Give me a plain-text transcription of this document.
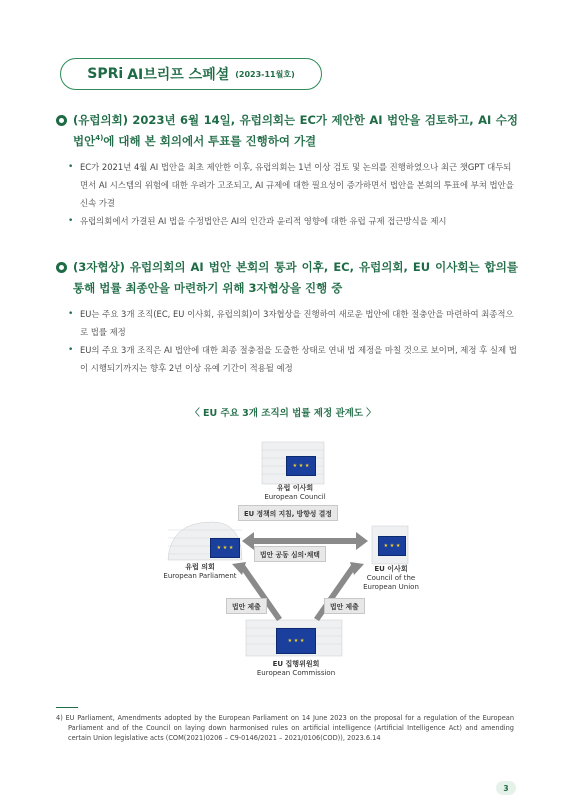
SPRi AI브리프 스페셜 (2023-11월호)
(유럽의회) 2023년 6월 14일, 유럽의회는 EC가 제안한 AI 법안을 검토하고, AI 수정법안$^{4)}$에 대해 본 회의에서 투표를 진행하여 가결
• EC가 2021년 4월 AI 법안을 최초 제안한 이후, 유럽의회는 1년 이상 검토 및 논의를 진행하였으나 최근 챗GPT 대두되면서 AI 시스템의 위험에 대한 우려가 고조되고, AI 규제에 대한 필요성이 증가하면서 법안을 본회의 투표에 부쳐 법안을 신속 가결
• 유럽의회에서 가결된 AI 법을 수정법안은 AI의 인간과 윤리적 영향에 대한 유럽 규제 접근방식을 제시
(3자협상) 유럽의회의 AI 법안 본회의 통과 이후, EC, 유럽의회, EU 이사회는 합의를 통해 법률 최종안을 마련하기 위해 3자협상을 진행 중
• EU는 주요 3개 조직(EC, EU 이사회, 유럽의회)이 3자협상을 진행하여 새로운 법안에 대한 절충안을 마련하여 최종적으로 법률 제정
• EU의 주요 3개 조직은 AI 법안에 대한 최종 절충점을 도출한 상태로 연내 법 제정을 마칠 것으로 보이며, 제정 후 실제 법이 시행되기까지는 향후 2년 이상 유예 기간이 적용될 예정
〈 EU 주요 3개 조직의 법률 제정 관계도 〉
★ ★ ★
★ ★ ★	★ ★ ★
★ ★ ★
유럽 이사회
European Council
유럽 의회
European Parliament
EU 이사회
Council of the
European Union
EU 집행위원회
European Commission
EU 정책의 지침, 방향성 결정
법안 공동 심의·채택
법안 제출	법안 제출
4) EU Parliament, Amendments adopted by the European Parliament on 14 June 2023 on the proposal for a regulation of the European Parliament and of the Council on laying down harmonised rules on artificial intelligence (Artificial Intelligence Act) and amending certain Union legislative acts (COM(2021)0206 – C9-0146/2021 – 2021/0106(COD)), 2023.6.14
3
